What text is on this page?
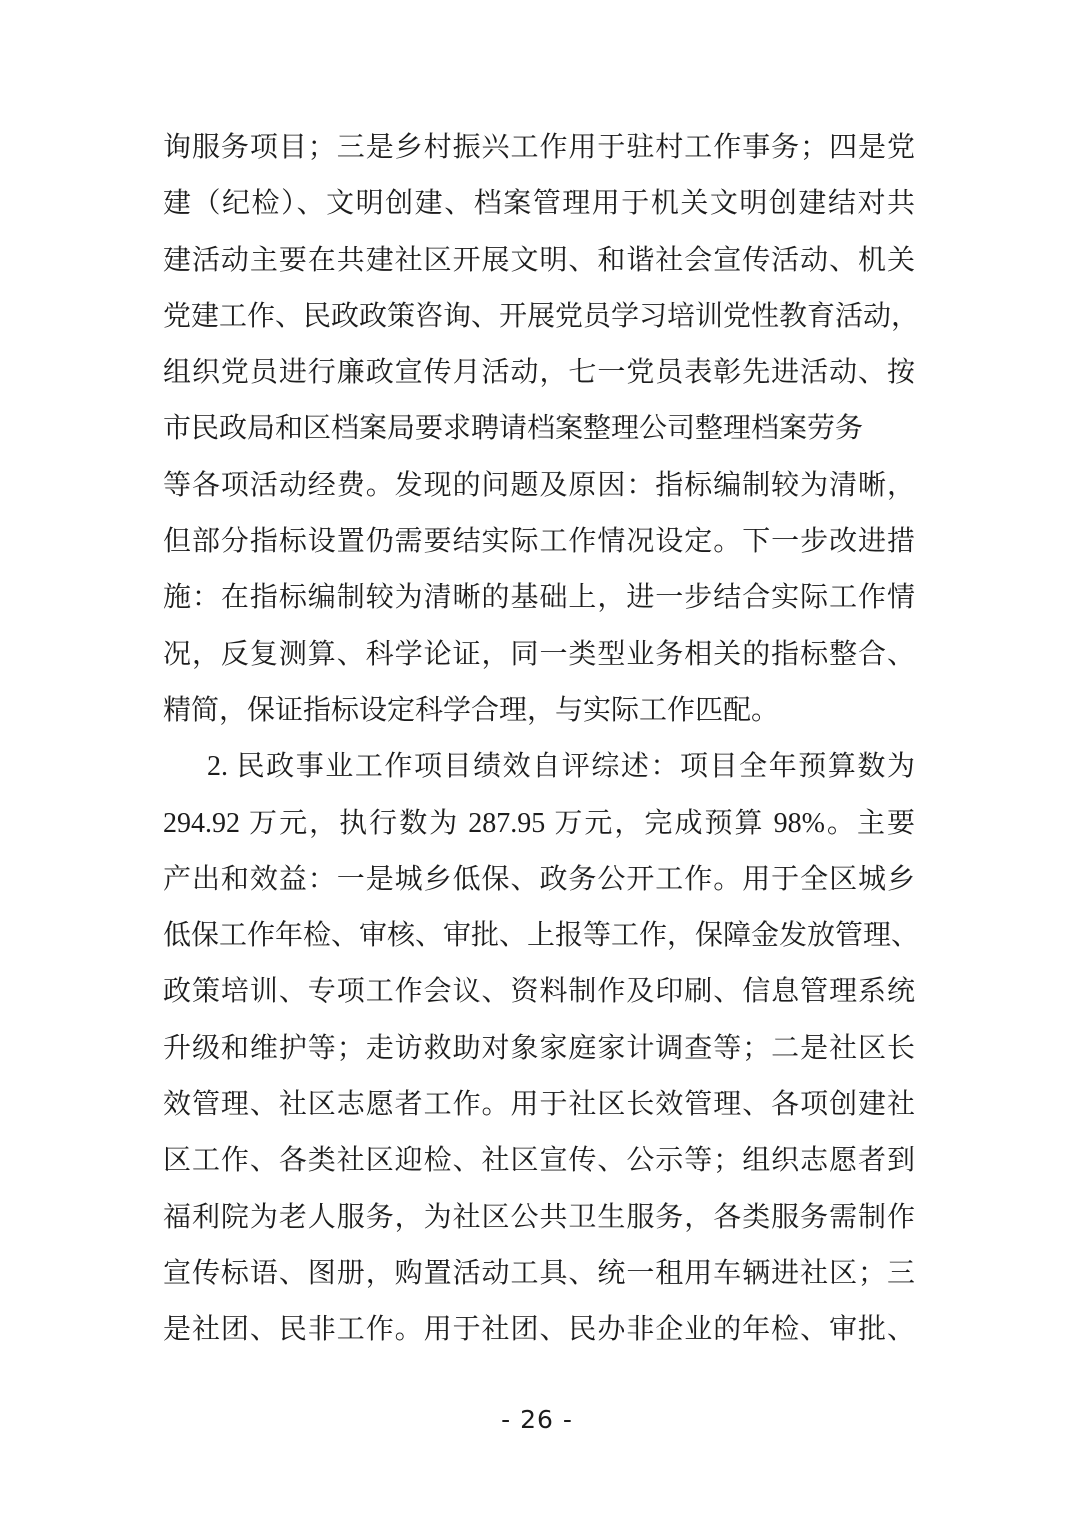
询服务项目；三是乡村振兴工作用于驻村工作事务；四是党
建（纪检）、文明创建、档案管理用于机关文明创建结对共
建活动主要在共建社区开展文明、和谐社会宣传活动、机关
党建工作、民政政策咨询、开展党员学习培训党性教育活动，
组织党员进行廉政宣传月活动，七一党员表彰先进活动、按
市民政局和区档案局要求聘请档案整理公司整理档案劳务
等各项活动经费。发现的问题及原因：指标编制较为清晰，
但部分指标设置仍需要结实际工作情况设定。下一步改进措
施：在指标编制较为清晰的基础上，进一步结合实际工作情
况，反复测算、科学论证，同一类型业务相关的指标整合、
精简，保证指标设定科学合理，与实际工作匹配。
2. 民政事业工作项目绩效自评综述：项目全年预算数为
294.92 万元，执行数为 287.95 万元，完成预算 98%。主要
产出和效益：一是城乡低保、政务公开工作。用于全区城乡
低保工作年检、审核、审批、上报等工作，保障金发放管理、
政策培训、专项工作会议、资料制作及印刷、信息管理系统
升级和维护等；走访救助对象家庭家计调查等；二是社区长
效管理、社区志愿者工作。用于社区长效管理、各项创建社
区工作、各类社区迎检、社区宣传、公示等；组织志愿者到
福利院为老人服务，为社区公共卫生服务，各类服务需制作
宣传标语、图册，购置活动工具、统一租用车辆进社区；三
是社团、民非工作。用于社团、民办非企业的年检、审批、
- 26 -
